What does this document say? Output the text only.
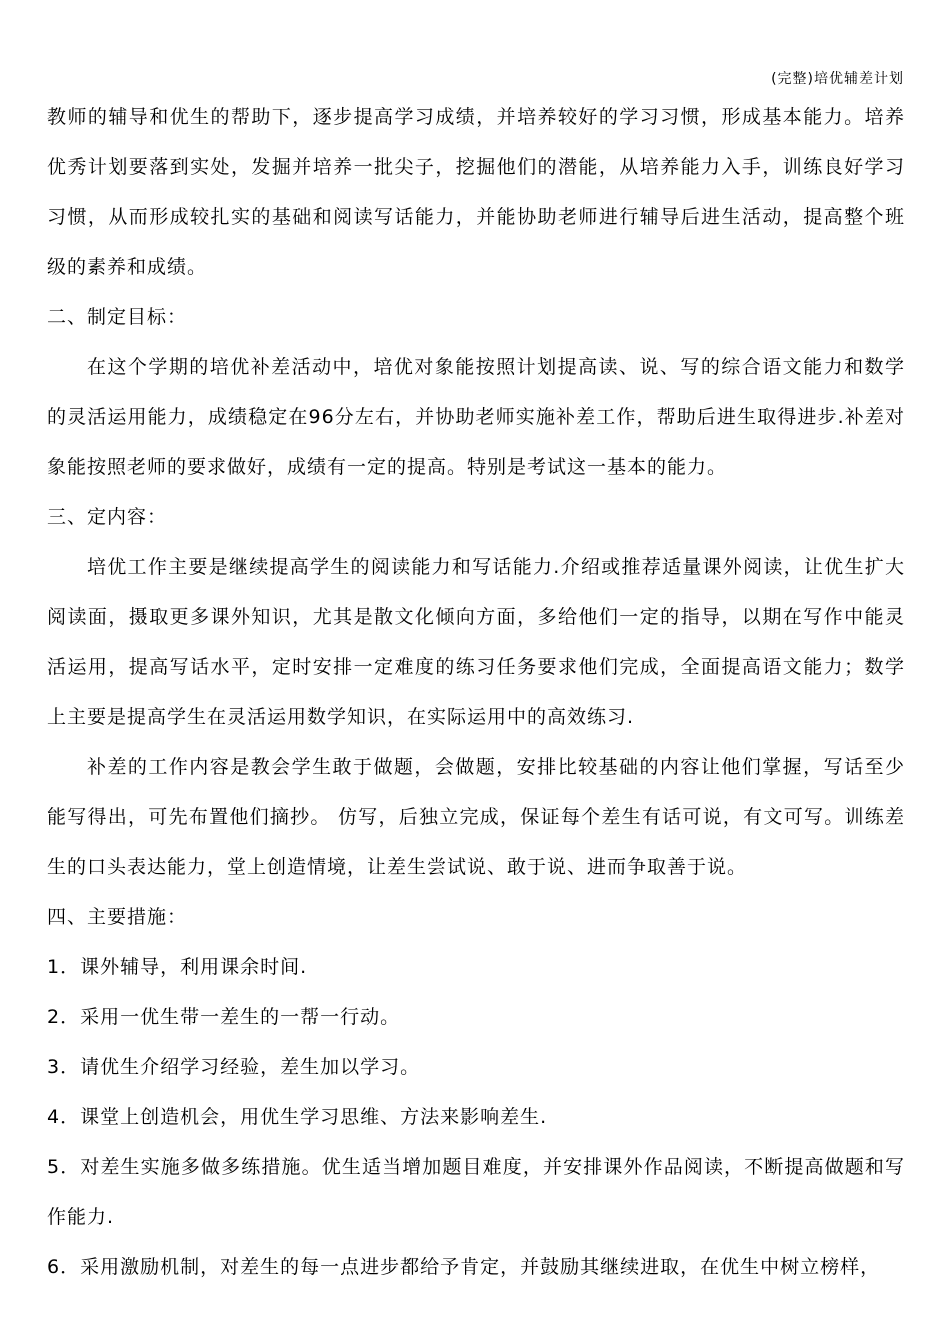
(完整)培优辅差计划

教师的辅导和优生的帮助下，逐步提高学习成绩，并培养较好的学习习惯，形成基本能力。培养优秀计划要落到实处，发掘并培养一批尖子，挖掘他们的潜能，从培养能力入手，训练良好学习习惯，从而形成较扎实的基础和阅读写话能力，并能协助老师进行辅导后进生活动，提高整个班级的素养和成绩。

二、制定目标：

在这个学期的培优补差活动中，培优对象能按照计划提高读、说、写的综合语文能力和数学的灵活运用能力，成绩稳定在96分左右，并协助老师实施补差工作，帮助后进生取得进步.补差对象能按照老师的要求做好，成绩有一定的提高。特别是考试这一基本的能力。

三、定内容：

培优工作主要是继续提高学生的阅读能力和写话能力.介绍或推荐适量课外阅读，让优生扩大阅读面，摄取更多课外知识，尤其是散文化倾向方面，多给他们一定的指导，以期在写作中能灵活运用，提高写话水平，定时安排一定难度的练习任务要求他们完成，全面提高语文能力；数学上主要是提高学生在灵活运用数学知识，在实际运用中的高效练习.

补差的工作内容是教会学生敢于做题，会做题，安排比较基础的内容让他们掌握，写话至少能写得出，可先布置他们摘抄。 仿写，后独立完成，保证每个差生有话可说，有文可写。训练差生的口头表达能力，堂上创造情境，让差生尝试说、敢于说、进而争取善于说。

四、主要措施：

1．课外辅导，利用课余时间.

2．采用一优生带一差生的一帮一行动。

3．请优生介绍学习经验，差生加以学习。

4．课堂上创造机会，用优生学习思维、方法来影响差生.

5．对差生实施多做多练措施。优生适当增加题目难度，并安排课外作品阅读，不断提高做题和写作能力.

6．采用激励机制，对差生的每一点进步都给予肯定，并鼓励其继续进取，在优生中树立榜样，
